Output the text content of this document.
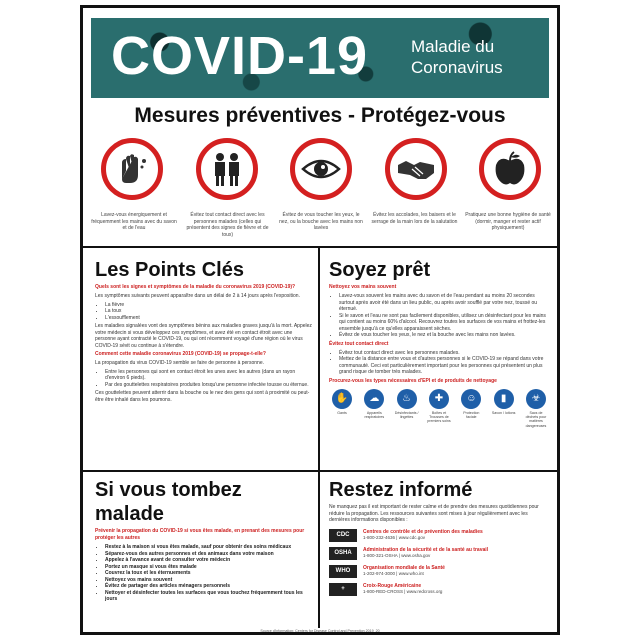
COVID-19	Maladie du
Coronavirus
Mesures préventives - Protégez-vous
Lavez-vous énergiquement et fréquemment les mains avec du savon et de l'eau
Évitez tout contact direct avec les personnes malades (celles qui présentent des signes de fièvre et de toux)
Évitez de vous toucher les yeux, le nez, ou la bouche avec les mains non lavées
Évitez les accolades, les baisers et le serrage de la main lors de la salutation
Pratiquez une bonne hygiène de santé (dormir, manger et rester actif physiquement)
Les Points Clés
Quels sont les signes et symptômes de la maladie du coronavirus 2019 (COVID-19)?
Les symptômes suivants peuvent apparaître dans un délai de 2 à 14 jours après l'exposition.
• La fièvre
• La toux
• L'essoufflement
Les maladies signalées vont des symptômes bénins aux maladies graves jusqu'à la mort. Appelez votre médecin si vous développez ces symptômes, et avez été en contact étroit avec une personne ayant contracté le COVID-19, ou qui ont récemment voyagé d'une région où le virus COVID-19 sévit ou continue à s'étendre.
Comment cette maladie coronavirus 2019 (COVID-19) se propage-t-elle?
La propagation du virus COVID-19 semble se faire de personne à personne.
• Entre les personnes qui sont en contact étroit les unes avec les autres (dans un rayon d'environ 6 pieds).
• Par des gouttelettes respiratoires produites lorsqu'une personne infectée tousse ou éternue.
Ces gouttelettes peuvent atterrir dans la bouche ou le nez des gens qui sont à proximité ou peut-être être inhalé dans les poumons.
Si vous tombez malade
Prévenir la propagation du COVID-19 si vous êtes malade, en prenant des mesures pour protéger les autres
• Restez à la maison si vous êtes malade, sauf pour obtenir des soins médicaux
• Séparez-vous des autres personnes et des animaux dans votre maison
• Appelez à l'avance avant de consulter votre médecin
• Portez un masque si vous êtes malade
• Couvrez la toux et les éternuements
• Nettoyez vos mains souvent
• Évitez de partager des articles ménagers personnels
• Nettoyer et désinfecter toutes les surfaces que vous touchez fréquemment tous les jours
Soyez prêt
Nettoyez vos mains souvent
• Lavez-vous souvent les mains avec du savon et de l'eau pendant au moins 20 secondes surtout après avoir été dans un lieu public, ou après avoir soufflé par votre nez, toussé ou éternué.
• Si le savon et l'eau ne sont pas facilement disponibles, utilisez un désinfectant pour les mains qui contient au moins 60% d'alcool. Recouvrez toutes les surfaces de vos mains et frottez-les ensemble jusqu'à ce qu'elles apparaissent sèches.
• Évitez de vous toucher les yeux, le nez et la bouche avec les mains non lavées.
Évitez tout contact direct
• Évitez tout contact direct avec les personnes malades.
• Mettez de la distance entre vous et d'autres personnes si le COVID-19 se répand dans votre communauté. Ceci est particulièrement important pour les personnes qui présentent un plus grand risque de tomber très malades.
Procurez-vous les types nécessaires d'EPI et de produits de nettoyage
✋
Gants
☁
Appareils respiratoires
♨
Désinfectants / lingettes
✚
Boîtes et Trousses de premiers soins
☺
Protection faciale
▮
Savon / lotions
☣
Sacs de déchets pour matières dangereuses
Restez informé
Ne manquez pas il est important de rester calme et de prendre des mesures quotidiennes pour réduire la propagation. Les ressources suivantes sont mises à jour régulièrement avec les dernières informations disponibles :
CDC
Centres de contrôle et de prévention des maladies
1-800-232-4636 | www.cdc.gov
OSHA
Administration de la sécurité et de la santé au travail
1-800-321-OSHA | www.osha.gov
WHO
Organisation mondiale de la Santé
1-202-974-3000 | www.who.int
+
Croix-Rouge Américaine
1-800-RED-CROSS | www.redcross.org
Source d'information: Centers for Disease Control and Prevention 2019_20
